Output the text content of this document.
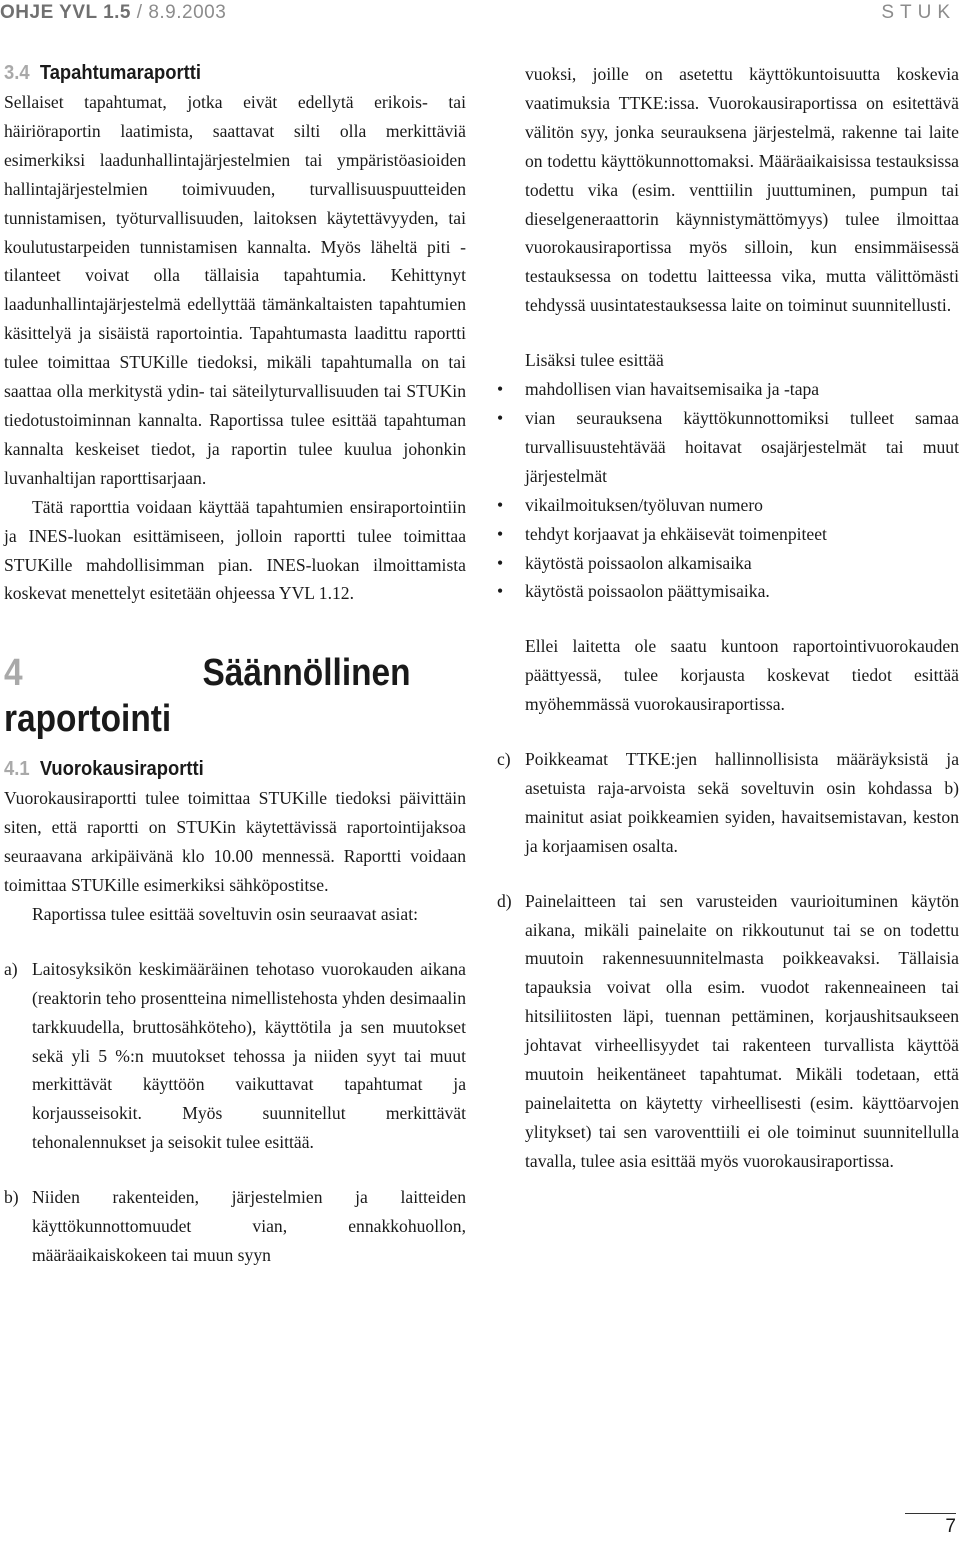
OHJE YVL 1.5 / 8.9.2003	STUK
3.4 Tapahtumaraportti

Sellaiset tapahtumat, jotka eivät edellytä erikois- tai häiriöraportin laatimista, saattavat silti olla merkittäviä esimerkiksi laadunhallintajärjestelmien tai ympäristöasioiden hallintajärjestelmien toimivuuden, turvallisuuspuutteiden tunnistamisen, työturvallisuuden, laitoksen käytettävyyden, tai koulutustarpeiden tunnistamisen kannalta. Myös läheltä piti -tilanteet voivat olla tällaisia tapahtumia. Kehittynyt laadunhallintajärjestelmä edellyttää tämänkaltaisten tapahtumien käsittelyä ja sisäistä raportointia. Tapahtumasta laadittu raportti tulee toimittaa STUKille tiedoksi, mikäli tapahtumalla on tai saattaa olla merkitystä ydin- tai säteilyturvallisuuden tai STUKin tiedotustoiminnan kannalta. Raportissa tulee esittää tapahtuman kannalta keskeiset tiedot, ja raportin tulee kuulua johonkin luvanhaltijan raporttisarjaan.

Tätä raporttia voidaan käyttää tapahtumien ensiraportointiin ja INES-luokan esittämiseen, jolloin raportti tulee toimittaa STUKille mahdollisimman pian. INES-luokan ilmoittamista koskevat menettelyt esitetään ohjeessa YVL 1.12.

4	Säännöllinen raportointi
4.1 Vuorokausiraportti

Vuorokausiraportti tulee toimittaa STUKille tiedoksi päivittäin siten, että raportti on STUKin käytettävissä raportointijaksoa seuraavana arkipäivänä klo 10.00 mennessä. Raportti voidaan toimittaa STUKille esimerkiksi sähköpostitse.

Raportissa tulee esittää soveltuvin osin seuraavat asiat:

a) Laitosyksikön keskimääräinen tehotaso vuorokauden aikana (reaktorin teho prosentteina nimellistehosta yhden desimaalin tarkkuudella, bruttosähköteho), käyttötila ja sen muutokset sekä yli 5 %:n muutokset tehossa ja niiden syyt tai muut merkittävät käyttöön vaikuttavat tapahtumat ja korjausseisokit. Myös suunnitellut merkittävät tehonalennukset ja seisokit tulee esittää.
b) Niiden rakenteiden, järjestelmien ja laitteiden käyttökunnottomuudet vian, ennakkohuollon, määräaikaiskokeen tai muun syyn
vuoksi, joille on asetettu käyttökuntoisuutta koskevia vaatimuksia TTKE:issa. Vuorokausiraportissa on esitettävä välitön syy, jonka seurauksena järjestelmä, rakenne tai laite on todettu käyttökunnottomaksi. Määräaikaisissa testauksissa todettu vika (esim. venttiilin juuttuminen, pumpun tai dieselgeneraattorin käynnistymättömyys) tulee ilmoittaa vuorokausiraportissa myös silloin, kun ensimmäisessä testauksessa on todettu laitteessa vika, mutta välittömästi tehdyssä uusintatestauksessa laite on toiminut suunnitellusti.
Lisäksi tulee esittää
•	mahdollisen vian havaitsemisaika ja -tapa
•	vian seurauksena käyttökunnottomiksi tulleet samaa turvallisuustehtävää hoitavat osajärjestelmät tai muut järjestelmät
•	vikailmoituksen/työluvan numero
•	tehdyt korjaavat ja ehkäisevät toimenpiteet
•	käytöstä poissaolon alkamisaika
•	käytöstä poissaolon päättymisaika.
Ellei laitetta ole saatu kuntoon raportointivuorokauden päättyessä, tulee korjausta koskevat tiedot esittää myöhemmässä vuorokausiraportissa.
c) Poikkeamat TTKE:jen hallinnollisista määräyksistä ja asetuista raja-arvoista sekä soveltuvin osin kohdassa b) mainitut asiat poikkeamien syiden, havaitsemistavan, keston ja korjaamisen osalta.
d) Painelaitteen tai sen varusteiden vaurioituminen käytön aikana, mikäli painelaite on rikkoutunut tai se on todettu muutoin rakennesuunnitelmasta poikkeavaksi. Tällaisia tapauksia voivat olla esim. vuodot rakenneaineen tai hitsiliitosten läpi, tuennan pettäminen, korjaushitsaukseen johtavat virheellisyydet tai rakenteen turvallista käyttöä muutoin heikentäneet tapahtumat. Mikäli todetaan, että painelaitetta on käytetty virheellisesti (esim. käyttöarvojen ylitykset) tai sen varoventtiili ei ole toiminut suunnitellulla tavalla, tulee asia esittää myös vuorokausiraportissa.
7
